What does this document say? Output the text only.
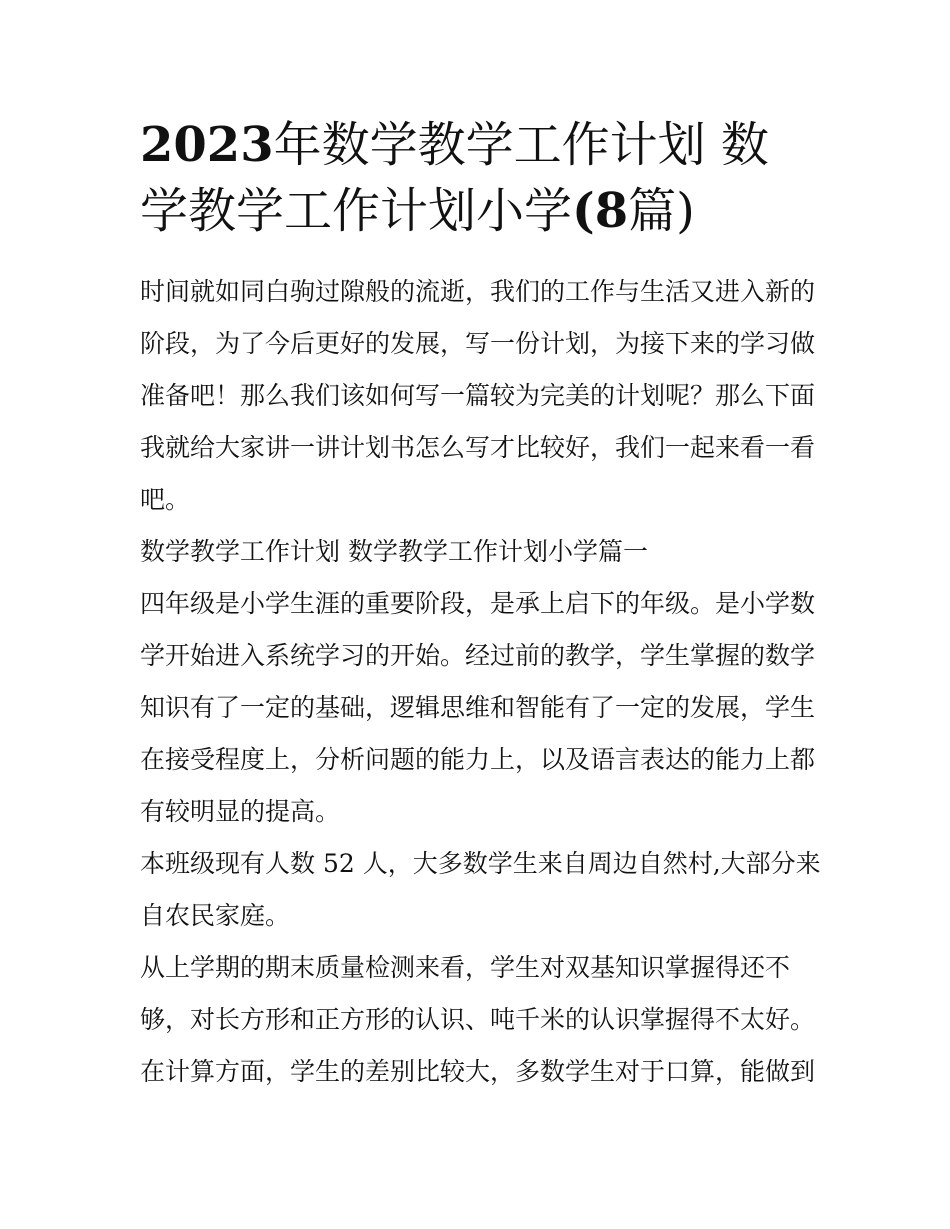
2023年数学教学工作计划 数
学教学工作计划小学(8篇)
时间就如同白驹过隙般的流逝，我们的工作与生活又进入新的
阶段，为了今后更好的发展，写一份计划，为接下来的学习做
准备吧！那么我们该如何写一篇较为完美的计划呢？那么下面
我就给大家讲一讲计划书怎么写才比较好，我们一起来看一看
吧。
数学教学工作计划 数学教学工作计划小学篇一
四年级是小学生涯的重要阶段，是承上启下的年级。是小学数
学开始进入系统学习的开始。经过前的教学，学生掌握的数学
知识有了一定的基础，逻辑思维和智能有了一定的发展，学生
在接受程度上，分析问题的能力上，以及语言表达的能力上都
有较明显的提高。
本班级现有人数 52 人，大多数学生来自周边自然村,大部分来
自农民家庭。
从上学期的期末质量检测来看，学生对双基知识掌握得还不
够，对长方形和正方形的认识、吨千米的认识掌握得不太好。
在计算方面，学生的差别比较大，多数学生对于口算，能做到
